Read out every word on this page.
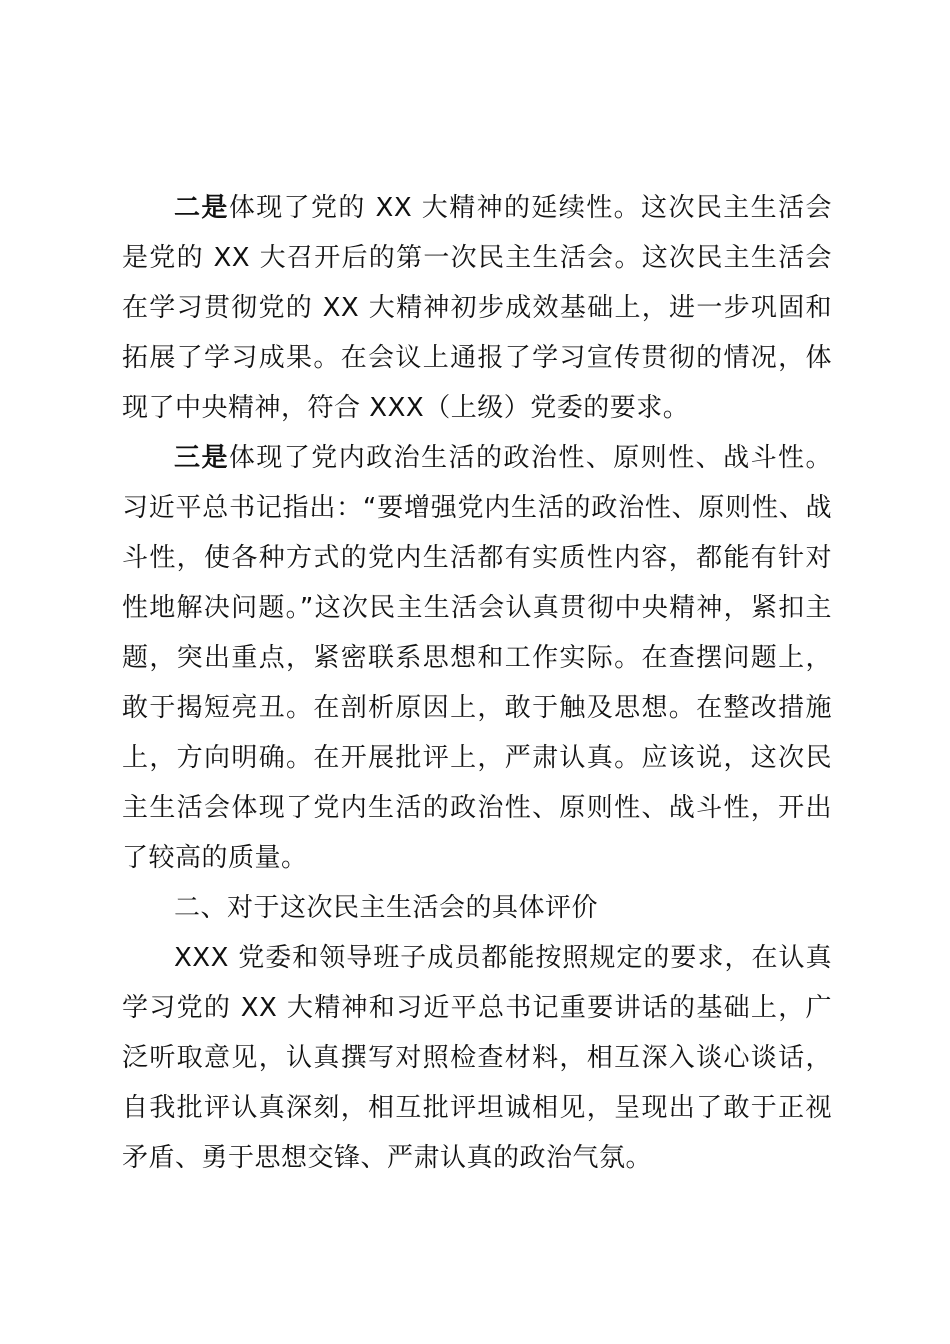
二是体现了党的 XX 大精神的延续性。这次民主生活会是党的 XX 大召开后的第一次民主生活会。这次民主生活会在学习贯彻党的 XX 大精神初步成效基础上，进一步巩固和拓展了学习成果。在会议上通报了学习宣传贯彻的情况，体现了中央精神，符合 XXX（上级）党委的要求。

三是体现了党内政治生活的政治性、原则性、战斗性。习近平总书记指出：“要增强党内生活的政治性、原则性、战斗性，使各种方式的党内生活都有实质性内容，都能有针对性地解决问题。”这次民主生活会认真贯彻中央精神，紧扣主题，突出重点，紧密联系思想和工作实际。在查摆问题上，敢于揭短亮丑。在剖析原因上，敢于触及思想。在整改措施上，方向明确。在开展批评上，严肃认真。应该说，这次民主生活会体现了党内生活的政治性、原则性、战斗性，开出了较高的质量。

二、对于这次民主生活会的具体评价

XXX 党委和领导班子成员都能按照规定的要求，在认真学习党的 XX 大精神和习近平总书记重要讲话的基础上，广泛听取意见，认真撰写对照检查材料，相互深入谈心谈话，自我批评认真深刻，相互批评坦诚相见，呈现出了敢于正视矛盾、勇于思想交锋、严肃认真的政治气氛。
